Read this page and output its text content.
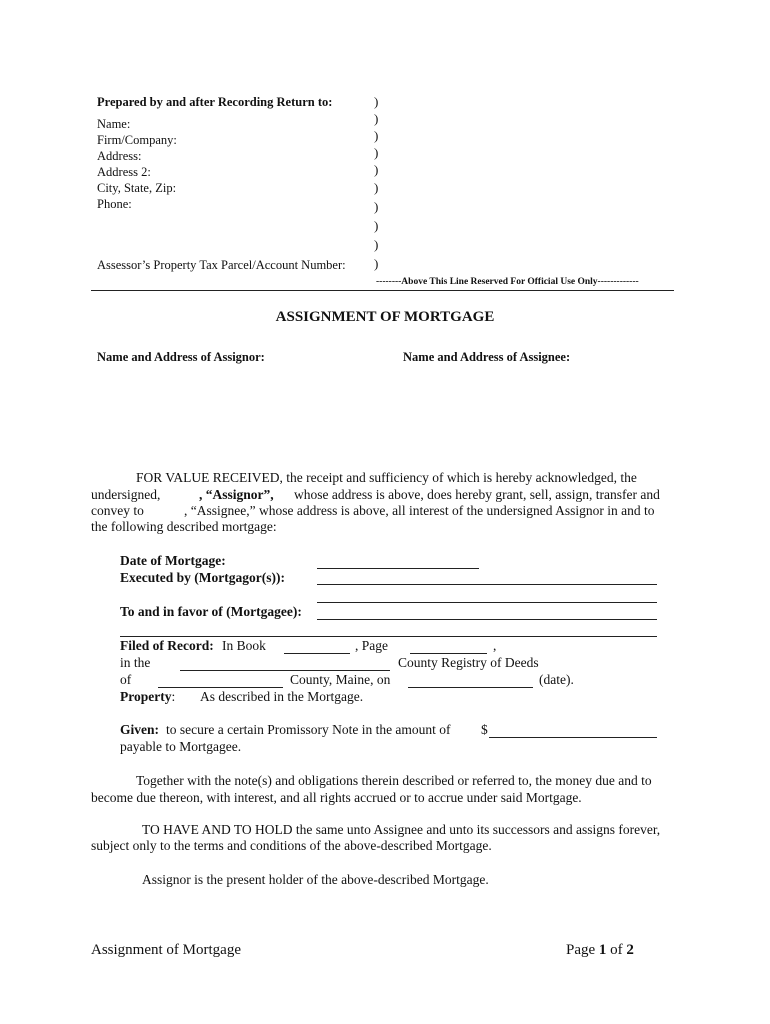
Prepared by and after Recording Return to:
Name:
Firm/Company:
Address:
Address 2:
City, State, Zip:
Phone:
Assessor’s Property Tax Parcel/Account Number:
)
)
)
)
)
)
)
)
)
)
--------Above This Line Reserved For Official Use Only-------------
ASSIGNMENT OF MORTGAGE
Name and Address of Assignor:	Name and Address of Assignee:
FOR VALUE RECEIVED, the receipt and sufficiency of which is hereby acknowledged, the
undersigned,	, “Assignor”, whose address is above, does hereby grant, sell, assign, transfer and
convey to	, “Assignee,” whose address is above, all interest of the undersigned Assignor in and to
the following described mortgage:
Date of Mortgage:
Executed by (Mortgagor(s)):
To and in favor of (Mortgagee):
Filed of Record: In Book	, Page	,
in the	County Registry of Deeds
of	County, Maine, on	(date).
Property: As described in the Mortgage.
Given: to secure a certain Promissory Note in the amount of $
payable to Mortgagee.
Together with the note(s) and obligations therein described or referred to, the money due and to
become due thereon, with interest, and all rights accrued or to accrue under said Mortgage.
TO HAVE AND TO HOLD the same unto Assignee and unto its successors and assigns forever,
subject only to the terms and conditions of the above-described Mortgage.
Assignor is the present holder of the above-described Mortgage.
Assignment of Mortgage	Page 1 of 2
